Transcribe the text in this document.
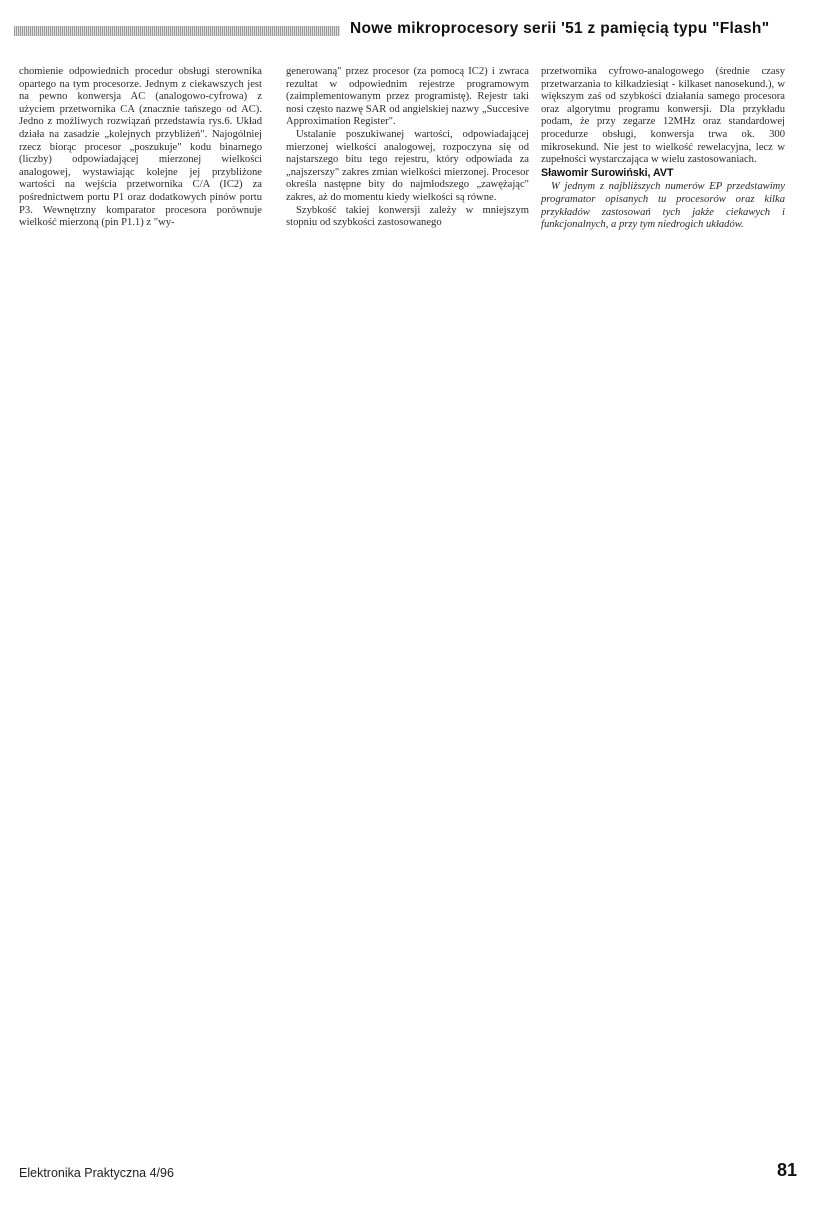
Nowe mikroprocesory serii '51 z pamięcią typu "Flash"

chomienie odpowiednich procedur obsługi sterownika opartego na tym procesorze. Jednym z ciekawszych jest na pewno konwersja AC (analogowo-cyfrowa) z użyciem przetwornika CA (znacznie tańszego od AC). Jedno z możliwych rozwiązań przedstawia rys.6. Układ działa na zasadzie „kolejnych przybliżeń". Najogólniej rzecz biorąc procesor „poszukuje" kodu binarnego (liczby) odpowiadającej mierzonej wielkości analogowej, wystawiając kolejne jej przybliżone wartości na wejścia przetwornika C/A (IC2) za pośrednictwem portu P1 oraz dodatkowych pinów portu P3. Wewnętrzny komparator procesora porównuje wielkość mierzoną (pin P1.1) z "wy-

generowaną" przez procesor (za pomocą IC2) i zwraca rezultat w odpowiednim rejestrze programowym (zaimplementowanym przez programistę). Rejestr taki nosi często nazwę SAR od angielskiej nazwy „Succesive Approximation Register".

Ustalanie poszukiwanej wartości, odpowiadającej mierzonej wielkości analogowej, rozpoczyna się od najstarszego bitu tego rejestru, który odpowiada za „najszerszy" zakres zmian wielkości mierzonej. Procesor określa następne bity do najmłodszego „zawężając" zakres, aż do momentu kiedy wielkości są równe.

Szybkość takiej konwersji zależy w mniejszym stopniu od szybkości zastosowanego

przetwornika cyfrowo-analogowego (średnie czasy przetwarzania to kilkadziesiąt - kilkaset nanosekund.), w większym zaś od szybkości działania samego procesora oraz algorytmu programu konwersji. Dla przykładu podam, że przy zegarze 12MHz oraz standardowej procedurze obsługi, konwersja trwa ok. 300 mikrosekund. Nie jest to wielkość rewelacyjna, lecz w zupełności wystarczająca w wielu zastosowaniach.

Sławomir Surowiński, AVT

W jednym z najbliższych numerów EP przedstawimy programator opisanych tu procesorów oraz kilka przykładów zastosowań tych jakże ciekawych i funkcjonalnych, a przy tym niedrogich układów.

Elektronika Praktyczna 4/96	81
